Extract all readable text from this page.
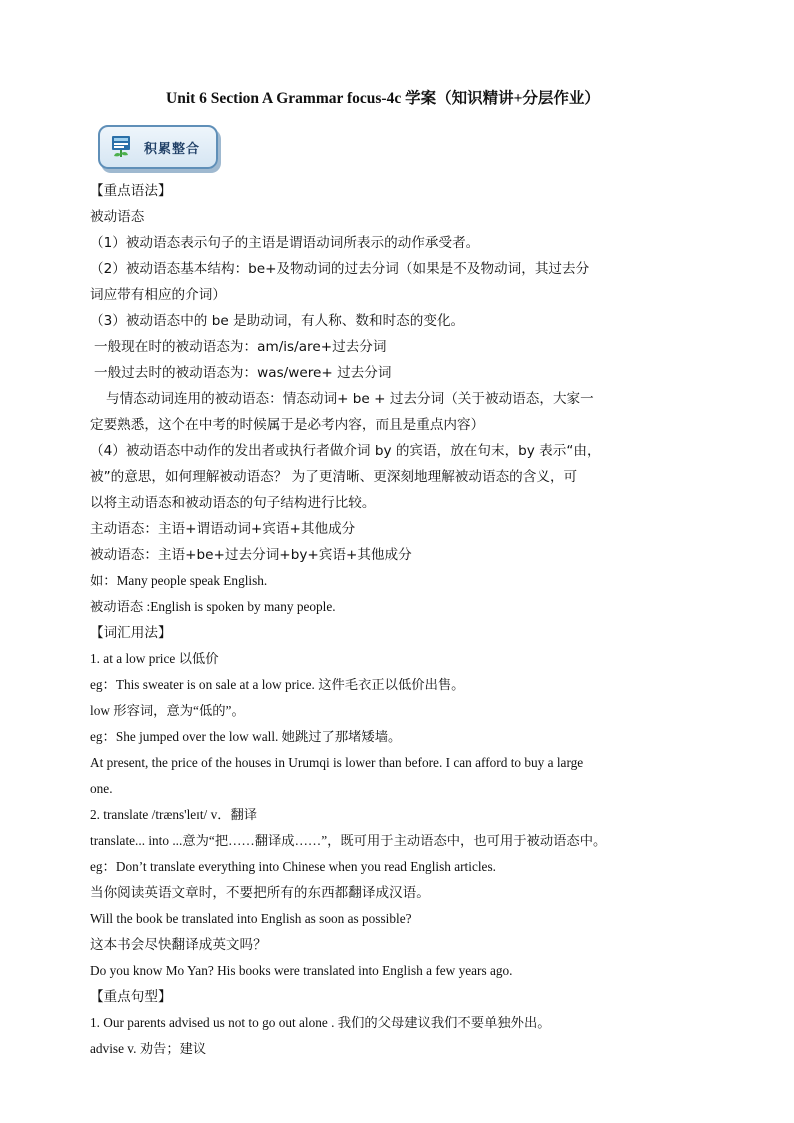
Unit 6 Section A Grammar focus-4c 学案（知识精讲+分层作业）
积累整合
【重点语法】
被动语态
（1）被动语态表示句子的主语是谓语动词所表示的动作承受者。
（2）被动语态基本结构：be+及物动词的过去分词（如果是不及物动词，其过去分
词应带有相应的介词）
（3）被动语态中的 be 是助动词，有人称、数和时态的变化。
一般现在时的被动语态为：am/is/are+过去分词
一般过去时的被动语态为：was/were+ 过去分词
与情态动词连用的被动语态：情态动词+ be + 过去分词（关于被动语态，大家一
定要熟悉，这个在中考的时候属于是必考内容，而且是重点内容）
（4）被动语态中动作的发出者或执行者做介词 by 的宾语，放在句末，by 表示“由，
被”的意思，如何理解被动语态？ 为了更清晰、更深刻地理解被动语态的含义，可
以将主动语态和被动语态的句子结构进行比较。
主动语态：主语+谓语动词+宾语+其他成分
被动语态：主语+be+过去分词+by+宾语+其他成分
如：Many people speak English.
被动语态 :English is spoken by many people.
【词汇用法】
1. at a low price 以低价
eg：This sweater is on sale at a low price. 这件毛衣正以低价出售。
low 形容词，意为“低的”。
eg：She jumped over the low wall. 她跳过了那堵矮墙。
At present, the price of the houses in Urumqi is lower than before. I can afford to buy a large
one.
2. translate /træns'leɪt/ v．翻译
translate... into ...意为“把……翻译成……”，既可用于主动语态中，也可用于被动语态中。
eg：Don’t translate everything into Chinese when you read English articles.
当你阅读英语文章时，不要把所有的东西都翻译成汉语。
Will the book be translated into English as soon as possible?
这本书会尽快翻译成英文吗？
Do you know Mo Yan? His books were translated into English a few years ago.
【重点句型】
1. Our parents advised us not to go out alone . 我们的父母建议我们不要单独外出。
advise v. 劝告；建议
